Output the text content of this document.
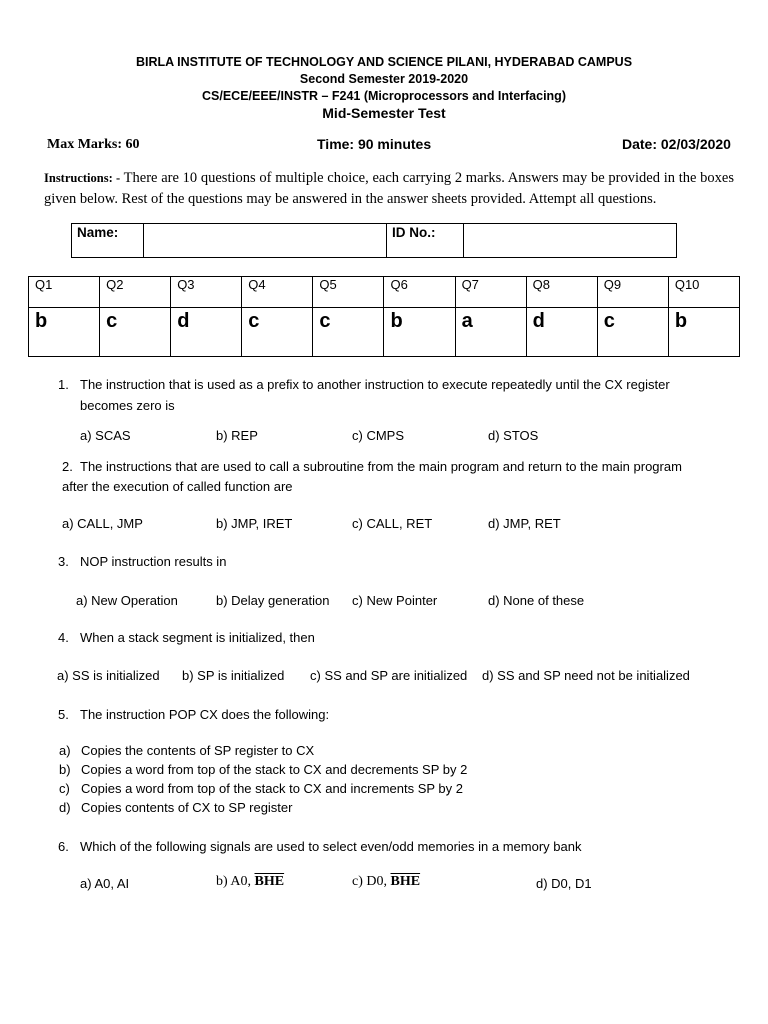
BIRLA INSTITUTE OF TECHNOLOGY AND SCIENCE PILANI, HYDERABAD CAMPUS
Second Semester 2019-2020
CS/ECE/EEE/INSTR – F241 (Microprocessors and Interfacing)
Mid-Semester Test
Max Marks: 60	Time: 90 minutes	Date: 02/03/2020
Instructions: - There are 10 questions of multiple choice, each carrying 2 marks. Answers may be provided in the boxes given below. Rest of the questions may be answered in the answer sheets provided. Attempt all questions.
Name:		ID No.:	
Q1	Q2	Q3	Q4	Q5	Q6	Q7	Q8	Q9	Q10
b	c	d	c	c	b	a	d	c	b
1. The instruction that is used as a prefix to another instruction to execute repeatedly until the CX register
becomes zero is
a) SCAS	b) REP	c) CMPS	d) STOS
2. The instructions that are used to call a subroutine from the main program and return to the main program
after the execution of called function are
a) CALL, JMP	b) JMP, IRET	c) CALL, RET	d) JMP, RET
3. NOP instruction results in
a) New Operation	b) Delay generation c) New Pointer	d) None of these
4. When a stack segment is initialized, then
a) SS is initialized b) SP is initialized c) SS and SP are initialized d) SS and SP need not be initialized
5. The instruction POP CX does the following:
a) Copies the contents of SP register to CX
b) Copies a word from top of the stack to CX and decrements SP by 2
c) Copies a word from top of the stack to CX and increments SP by 2
d) Copies contents of CX to SP register
6. Which of the following signals are used to select even/odd memories in a memory bank
a) A0, AI	b) A0, $\overline{BHE}$	c) D0, $\overline{BHE}$	d) D0, D1
